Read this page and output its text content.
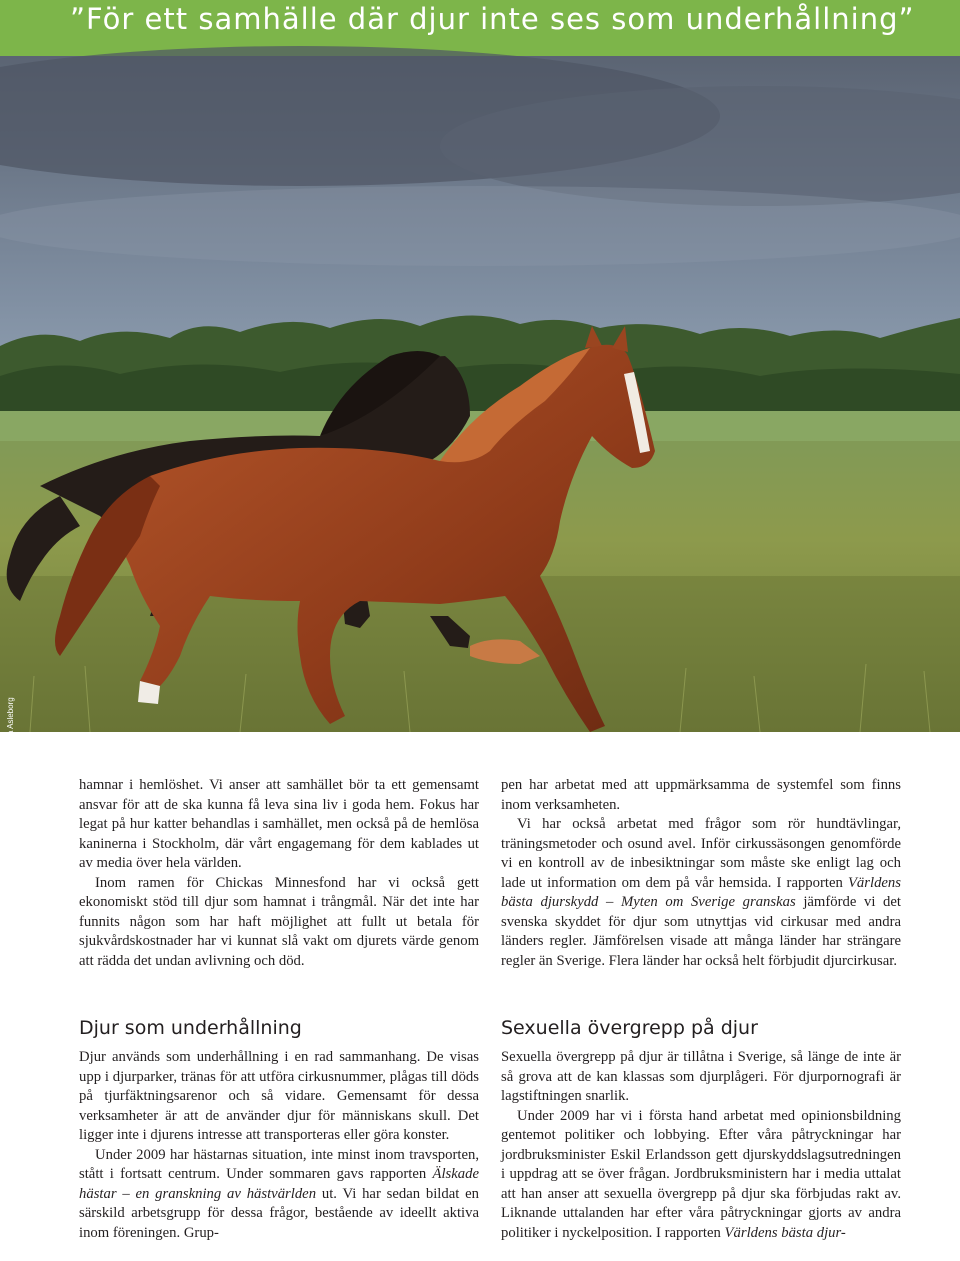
”För ett samhälle där djur inte ses som underhållning”
Foto: Sara Asleborg

hamnar i hemlöshet. Vi anser att samhället bör ta ett gemensamt ansvar för att de ska kunna få leva sina liv i goda hem. Fokus har legat på hur katter behandlas i samhället, men också på de hemlösa kaninerna i Stockholm, där vårt engagemang för dem kablades ut av media över hela världen.

Inom ramen för Chickas Minnesfond har vi också gett ekonomiskt stöd till djur som hamnat i trångmål. När det inte har funnits någon som har haft möjlighet att fullt ut betala för sjukvårdskostnader har vi kunnat slå vakt om djurets värde genom att rädda det undan avlivning och död.

Djur som underhållning

Djur används som underhållning i en rad sammanhang. De visas upp i djurparker, tränas för att utföra cirkusnummer, plågas till döds på tjurfäktningsarenor och så vidare. Gemensamt för dessa verksamheter är att de använder djur för människans skull. Det ligger inte i djurens intresse att transporteras eller göra konster.

Under 2009 har hästarnas situation, inte minst inom travsporten, stått i fortsatt centrum. Under sommaren gavs rapporten Älskade hästar – en granskning av hästvärlden ut. Vi har sedan bildat en särskild arbetsgrupp för dessa frågor, bestående av ideellt aktiva inom föreningen. Grup-

pen har arbetat med att uppmärksamma de systemfel som finns inom verksamheten.

Vi har också arbetat med frågor som rör hundtävlingar, träningsmetoder och osund avel. Inför cirkussäsongen genomförde vi en kontroll av de inbesiktningar som måste ske enligt lag och lade ut information om dem på vår hemsida. I rapporten Världens bästa djurskydd – Myten om Sverige granskas jämförde vi det svenska skyddet för djur som utnyttjas vid cirkusar med andra länders regler. Jämförelsen visade att många länder har strängare regler än Sverige. Flera länder har också helt förbjudit djurcirkusar.

Sexuella övergrepp på djur

Sexuella övergrepp på djur är tillåtna i Sverige, så länge de inte är så grova att de kan klassas som djurplågeri. För djurpornografi är lagstiftningen snarlik.

Under 2009 har vi i första hand arbetat med opinionsbildning gentemot politiker och lobbying. Efter våra påtryckningar har jordbruksminister Eskil Erlandsson gett djurskyddslagsutredningen i uppdrag att se över frågan. Jordbruksministern har i media uttalat att han anser att sexuella övergrepp på djur ska förbjudas rakt av. Liknande uttalanden har efter våra påtryckningar gjorts av andra politiker i nyckelposition. I rapporten Världens bästa djur-
